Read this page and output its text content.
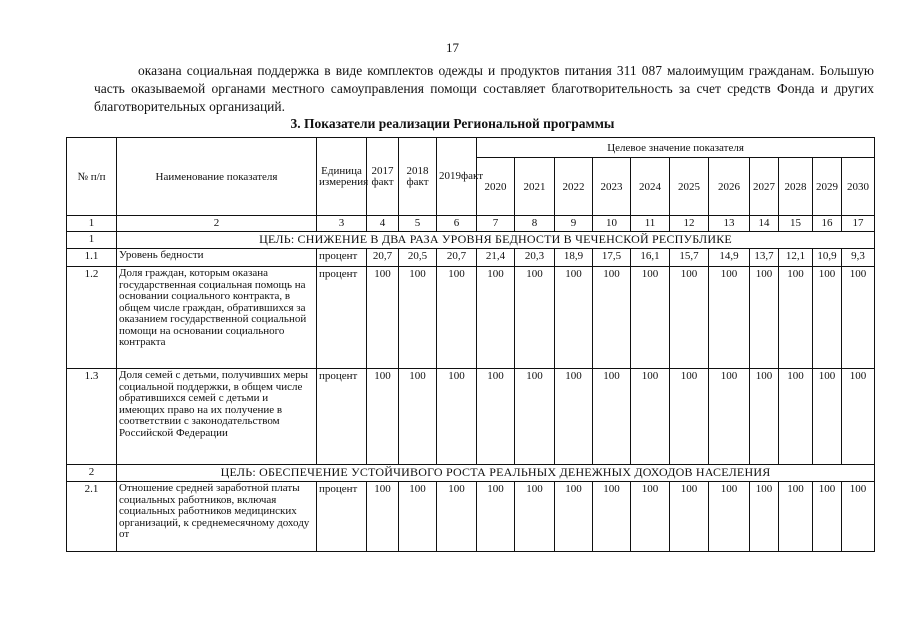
17
оказана социальная поддержка в виде комплектов одежды и продуктов питания 311 087 малоимущим гражданам. Большую часть оказываемой органами местного самоуправления помощи составляет благотворительность за счет средств Фонда и других благотворительных организаций.
3. Показатели реализации Региональной программы
№ п/п	Наименование показателя	Единица измерения	2017 факт	2018 факт	2019факт	Целевое значение показателя										
						2020	2021	2022	2023	2024	2025	2026	2027	2028	2029	2030
1	2	3	4	5	6	7	8	9	10	11	12	13	14	15	16	17
1	ЦЕЛЬ: СНИЖЕНИЕ В ДВА РАЗА УРОВНЯ БЕДНОСТИ В ЧЕЧЕНСКОЙ РЕСПУБЛИКЕ															
1.1	Уровень бедности	процент	20,7	20,5	20,7	21,4	20,3	18,9	17,5	16,1	15,7	14,9	13,7	12,1	10,9	9,3
1.2	Доля граждан, которым оказана государственная социальная помощь на основании социального контракта, в общем числе граждан, обратившихся за оказанием государственной социальной помощи на основании социального контракта	процент	100	100	100	100	100	100	100	100	100	100	100	100	100	100
1.3	Доля семей с детьми, получивших меры социальной поддержки, в общем числе обратившихся семей с детьми и имеющих право на их получение в соответствии с законодательством Российской Федерации	процент	100	100	100	100	100	100	100	100	100	100	100	100	100	100
2	ЦЕЛЬ: ОБЕСПЕЧЕНИЕ УСТОЙЧИВОГО РОСТА РЕАЛЬНЫХ ДЕНЕЖНЫХ ДОХОДОВ НАСЕЛЕНИЯ															
2.1	Отношение средней заработной платы социальных работников, включая социальных работников медицинских организаций, к среднемесячному доходу от	процент	100	100	100	100	100	100	100	100	100	100	100	100	100	100
